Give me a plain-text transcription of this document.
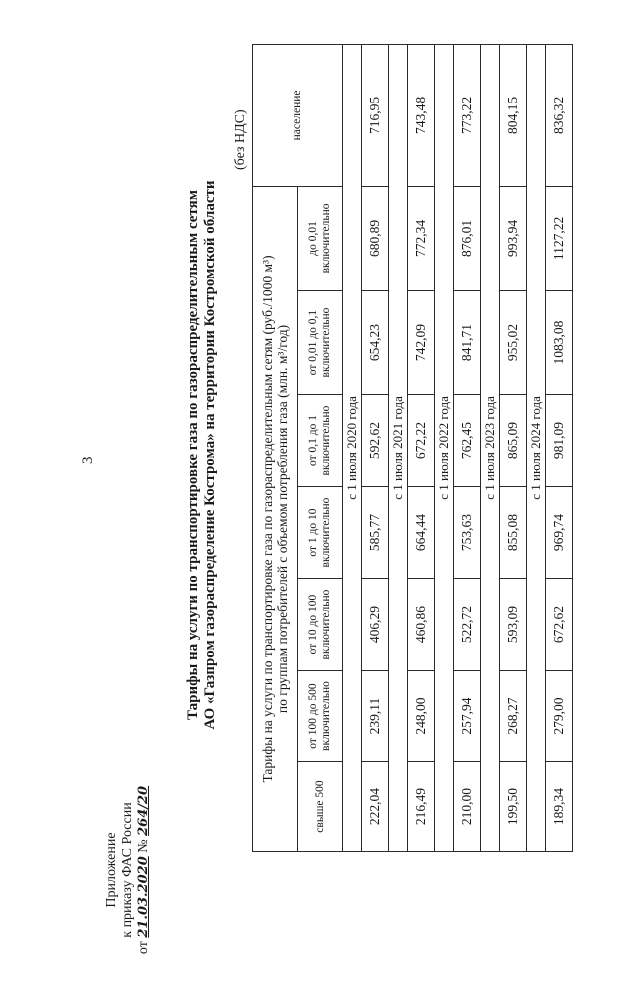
3
Приложение к приказу ФАС России
от 21.03.2020 № 264/20
Тарифы на услуги по транспортировке газа по газораспределительным сетям АО «Газпром газораспределение Кострома» на территории Костромской области
(без НДС)
Тарифы на услуги по транспортировке газа по газораспределительным сетям (руб./1000 м³) по группам потребителей с объемом потребления газа (млн. м³/год)							население
свыше 500	от 100 до 500 включительно	от 10 до 100 включительно	от 1 до 10 включительно	от 0,1 до 1 включительно	от 0,01 до 0,1 включительно	до 0,01 включительно	
с 1 июля 2020 года							
222,04	239,11	406,29	585,77	592,62	654,23	680,89	716,95
с 1 июля 2021 года							
216,49	248,00	460,86	664,44	672,22	742,09	772,34	743,48
с 1 июля 2022 года							
210,00	257,94	522,72	753,63	762,45	841,71	876,01	773,22
с 1 июля 2023 года							
199,50	268,27	593,09	855,08	865,09	955,02	993,94	804,15
с 1 июля 2024 года							
189,34	279,00	672,62	969,74	981,09	1083,08	1127,22	836,32
